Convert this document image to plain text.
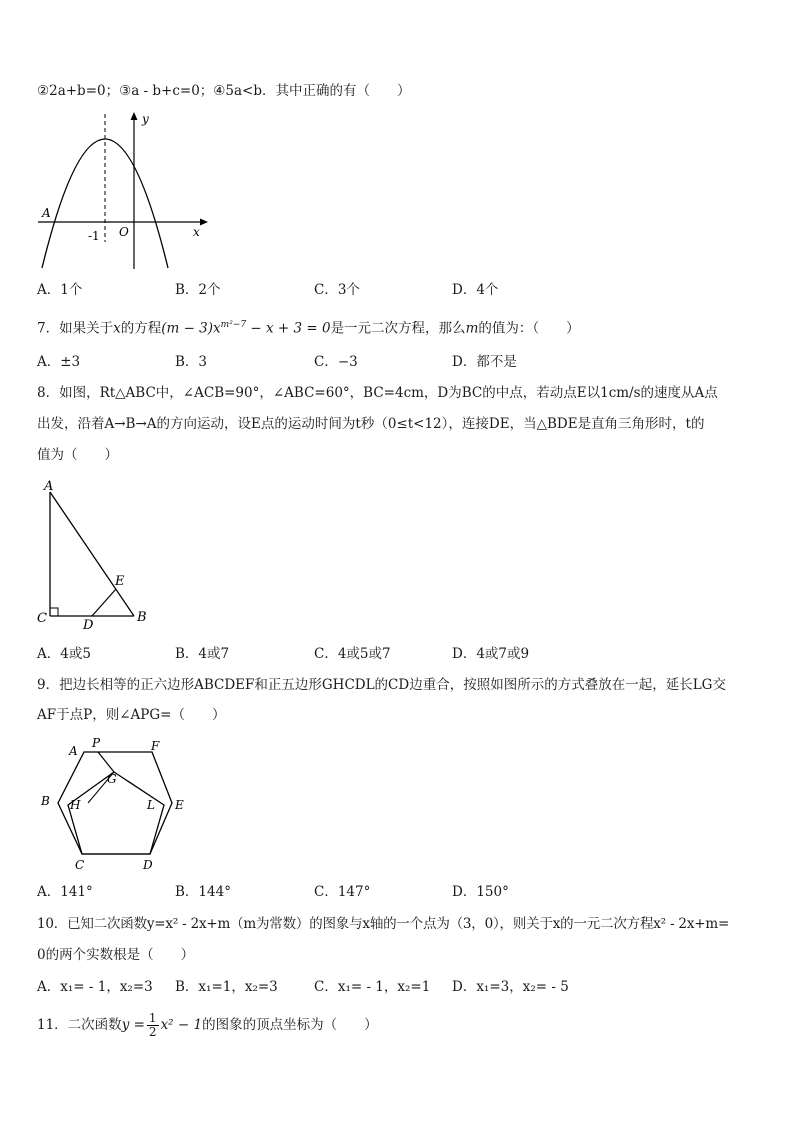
②2a+b=0；③a - b+c=0；④5a<b．其中正确的有（　　）
y
x
A
-1 O
A．1个	B．2个	C．3个	D．4个
7．如果关于x的方程$(m - 3)x^{m^2-7} - x + 3 = 0$是一元二次方程，那么m的值为：（　　）
A．±3	B．3	C．−3	D．都不是
8．如图，Rt△ABC中，∠ACB=90°，∠ABC=60°，BC=4cm，D为BC的中点，若动点E以1cm/s的速度从A点
出发，沿着A→B→A的方向运动，设E点的运动时间为t秒（0≤t<12），连接DE，当△BDE是直角三角形时，t的
值为（　　）
A
C	D
B
E
A．4或5	B．4或7	C．4或5或7	D．4或7或9
9．把边长相等的正六边形ABCDEF和正五边形GHCDL的CD边重合，按照如图所示的方式叠放在一起，延长LG交
AF于点P，则∠APG=（　　）
A
P	F
G
B H	L E
C	D
A．141°	B．144°	C．147°	D．150°
10．已知二次函数y=x² - 2x+m（m为常数）的图象与x轴的一个点为（3，0），则关于x的一元二次方程x² - 2x+m=
0的两个实数根是（　　）
A．x₁= - 1，x₂=3 B．x₁=1，x₂=3	C．x₁= - 1，x₂=1 D．x₁=3，x₂= - 5
11．二次函数$y = \frac{1}{2} x^2 - 1$的图象的顶点坐标为（　　）
